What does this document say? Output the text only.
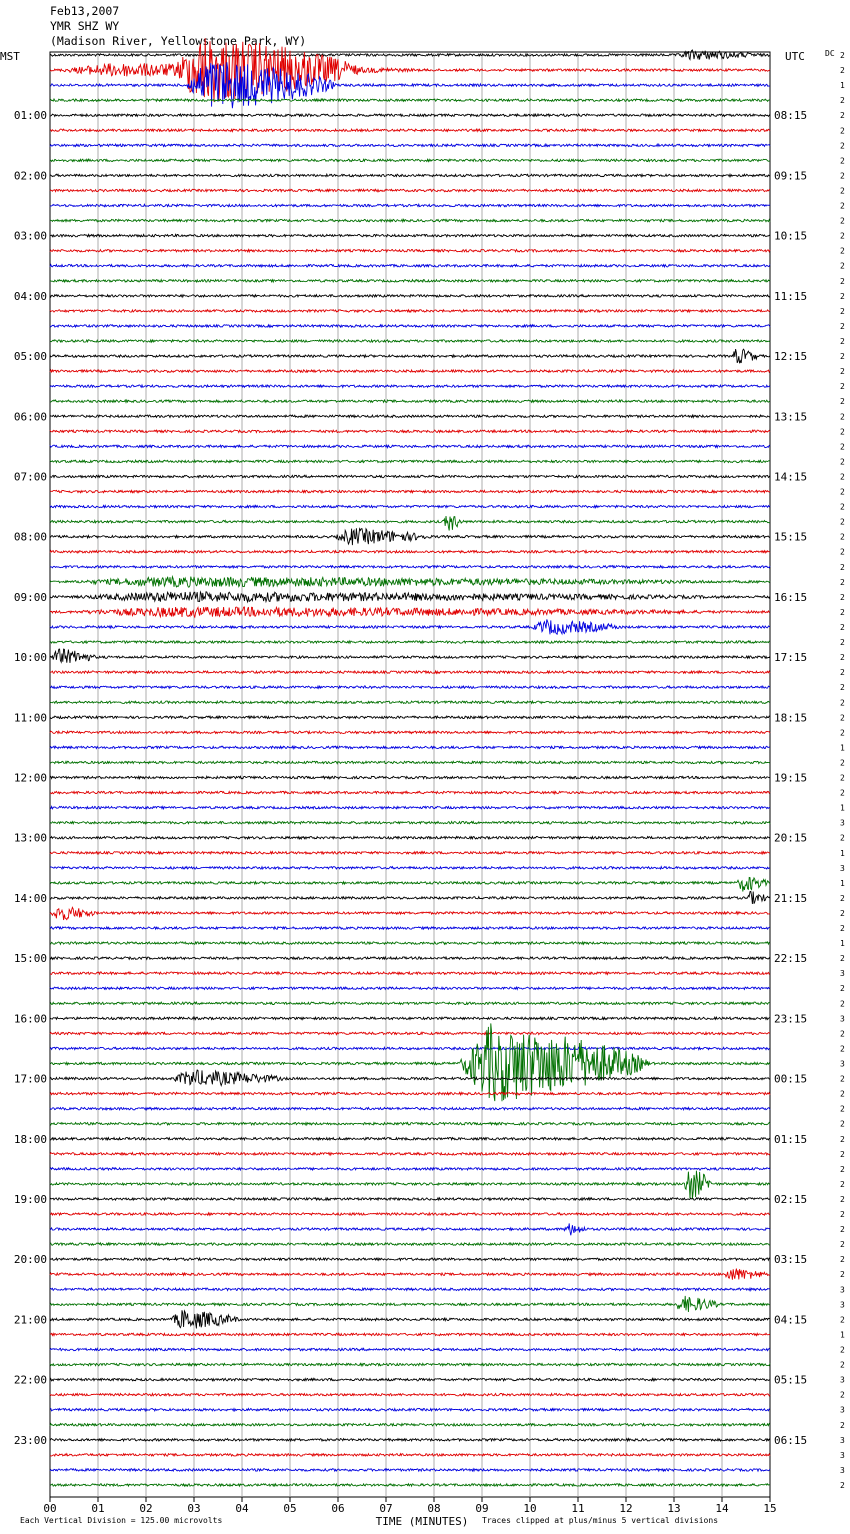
Feb13,2007
YMR SHZ WY
(Madison River, Yellowstone Park, WY)
MST	UTC	DC
01:00
02:00
03:00
04:00
05:00
06:00
07:00
08:00
09:00
10:00
11:00
12:00
13:00
14:00
15:00
16:00
17:00
18:00
19:00
20:00
21:00
22:00
23:00
08:15
09:15
10:15
11:15
12:15
13:15
14:15
15:15
16:15
17:15
18:15
19:15
20:15
21:15
22:15
23:15
00:15
01:15
02:15
03:15
04:15
05:15
06:15
2
2
1
2
2
2
2
2
2
2
2
2
2
2
2
2
2
2
2
2
2
2
2
2
2
2
2
2
2
2
2
2
2
2
2
2
2
2
2
2
2
2
2
2
2
2
1
2
2
2
1
3
2
1
3
1
2
2
2
1
2
3
2
2
3
2
2
3
2
2
2
2
2
2
2
2
2
2
2
2
2
2
3
3
2
1
2
2
3
2
3
2
3
3
3
2
00	01	02	03	04	05	06	07	08	09	10	11	12	13	14	15
TIME (MINUTES)
Each Vertical Division = 125.00 microvolts	Traces clipped at plus/minus 5 vertical divisions
